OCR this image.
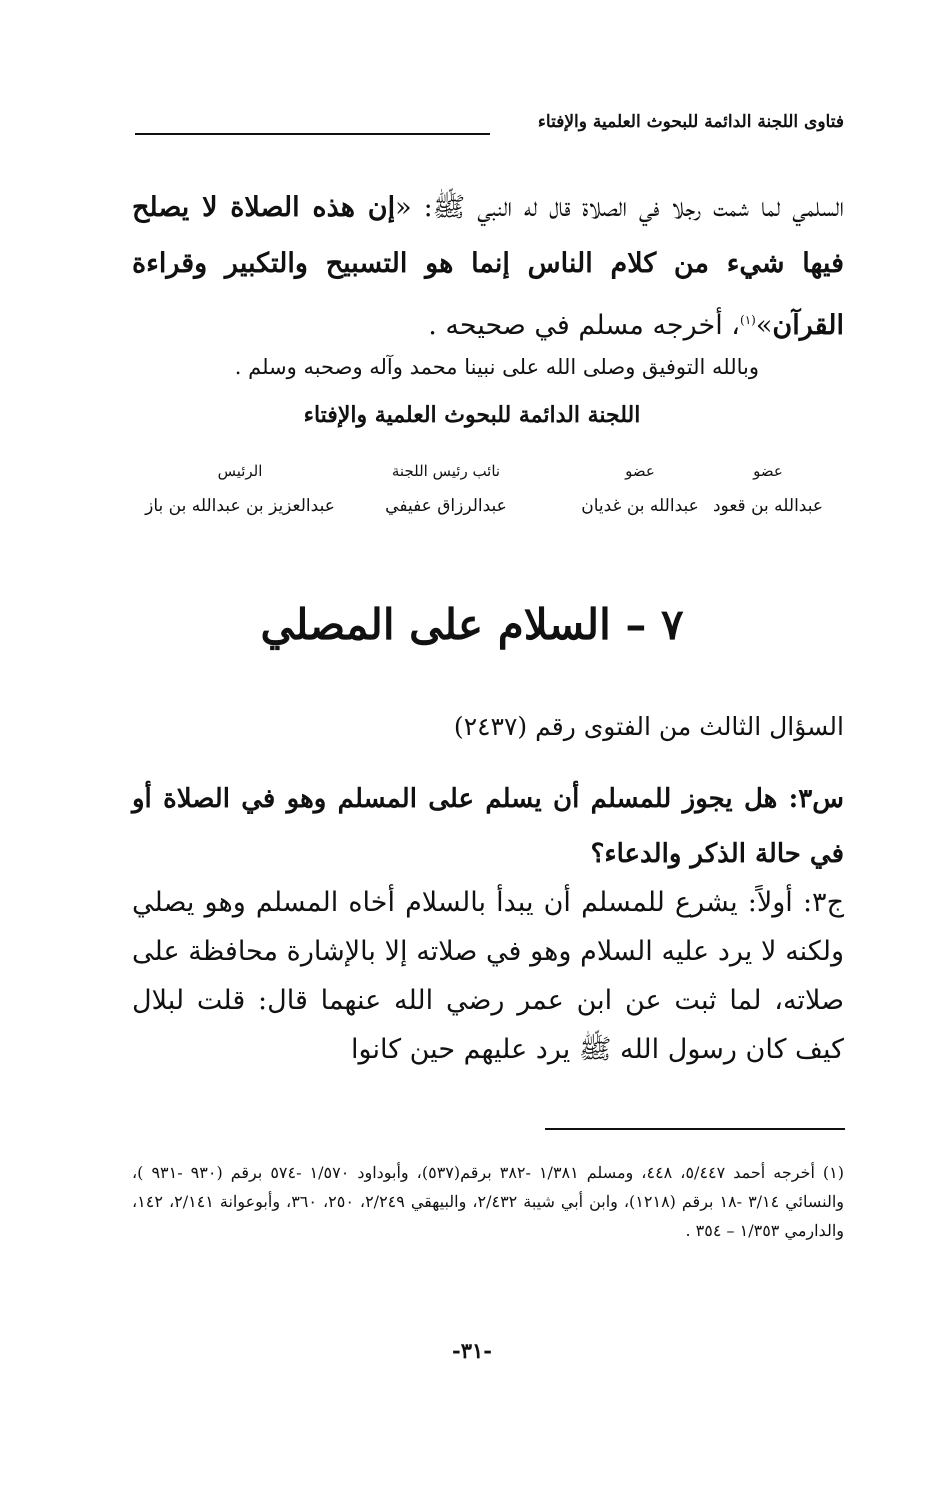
فتاوى اللجنة الدائمة للبحوث العلمية والإفتاء
السلمي لما شمت رجلا في الصلاة قال له النبي ﷺ: «إن هذه الصلاة لا يصلح فيها شيء من كلام الناس إنما هو التسبيح والتكبير وقراءة القرآن»$^{(١)}$، أخرجه مسلم في صحيحه .
وبالله التوفيق وصلى الله على نبينا محمد وآله وصحبه وسلم .
اللجنة الدائمة للبحوث العلمية والإفتاء
عضو
عبدالله بن قعود
عضو
عبدالله بن غديان
نائب رئيس اللجنة
عبدالرزاق عفيفي
الرئيس
عبدالعزيز بن عبدالله بن باز
٧ – السلام على المصلي
السؤال الثالث من الفتوى رقم (٢٤٣٧)
س٣: هل يجوز للمسلم أن يسلم على المسلم وهو في الصلاة أو في حالة الذكر والدعاء؟
ج٣: أولاً: يشرع للمسلم أن يبدأ بالسلام أخاه المسلم وهو يصلي ولكنه لا يرد عليه السلام وهو في صلاته إلا بالإشارة محافظة على صلاته، لما ثبت عن ابن عمر رضي الله عنهما قال: قلت لبلال كيف كان رسول الله ﷺ يرد عليهم حين كانوا
(١) أخرجه أحمد ٥/٤٤٧، ٤٤٨، ومسلم ١/٣٨١ -٣٨٢ برقم(٥٣٧)، وأبوداود ١/٥٧٠ -٥٧٤ برقم (٩٣٠ -٩٣١ )، والنسائي ٣/١٤ -١٨ برقم (١٢١٨)، وابن أبي شيبة ٢/٤٣٢، والبيهقي ٢/٢٤٩، ٢٥٠، ٣٦٠، وأبوعوانة ٢/١٤١، ١٤٢، والدارمي ١/٣٥٣ – ٣٥٤ .
-٣١-
